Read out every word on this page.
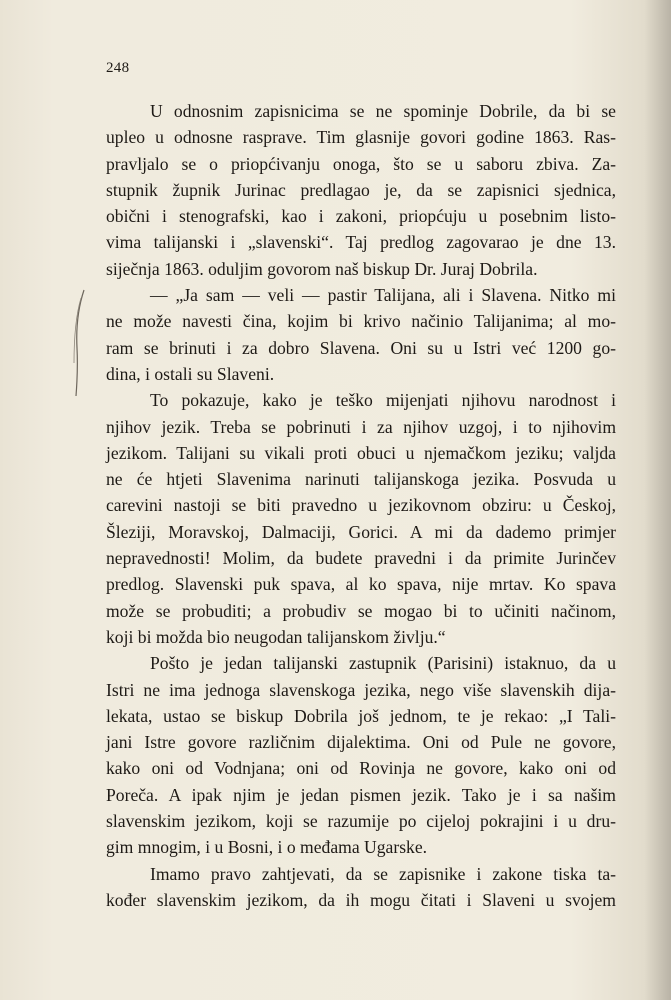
248
U odnosnim zapisnicima se ne spominje Dobrile, da bi se
upleo u odnosne rasprave. Tim glasnije govori godine 1863. Ras-
pravljalo se o priopćivanju onoga, što se u saboru zbiva. Za-
stupnik župnik Jurinac predlagao je, da se zapisnici sjednica,
obični i stenografski, kao i zakoni, priopćuju u posebnim listo-
vima talijanski i „slavenski“. Taj predlog zagovarao je dne 13.
siječnja 1863. oduljim govorom naš biskup Dr. Juraj Dobrila.
— „Ja sam — veli — pastir Talijana, ali i Slavena. Nitko mi
ne može navesti čina, kojim bi krivo načinio Talijanima; al mo-
ram se brinuti i za dobro Slavena. Oni su u Istri već 1200 go-
dina, i ostali su Slaveni.
To pokazuje, kako je teško mijenjati njihovu narodnost i
njihov jezik. Treba se pobrinuti i za njihov uzgoj, i to njihovim
jezikom. Talijani su vikali proti obuci u njemačkom jeziku; valjda
ne će htjeti Slavenima narinuti talijanskoga jezika. Posvuda u
carevini nastoji se biti pravedno u jezikovnom obziru: u Českoj,
Šleziji, Moravskoj, Dalmaciji, Gorici. A mi da dademo primjer
nepravednosti! Molim, da budete pravedni i da primite Jurinčev
predlog. Slavenski puk spava, al ko spava, nije mrtav. Ko spava
može se probuditi; a probudiv se mogao bi to učiniti načinom,
koji bi možda bio neugodan talijanskom življu.“
Pošto je jedan talijanski zastupnik (Parisini) istaknuo, da u
Istri ne ima jednoga slavenskoga jezika, nego više slavenskih dija-
lekata, ustao se biskup Dobrila još jednom, te je rekao: „I Tali-
jani Istre govore različnim dijalektima. Oni od Pule ne govore,
kako oni od Vodnjana; oni od Rovinja ne govore, kako oni od
Poreča. A ipak njim je jedan pismen jezik. Tako je i sa našim
slavenskim jezikom, koji se razumije po cijeloj pokrajini i u dru-
gim mnogim, i u Bosni, i o međama Ugarske.
Imamo pravo zahtjevati, da se zapisnike i zakone tiska ta-
kođer slavenskim jezikom, da ih mogu čitati i Slaveni u svojem
